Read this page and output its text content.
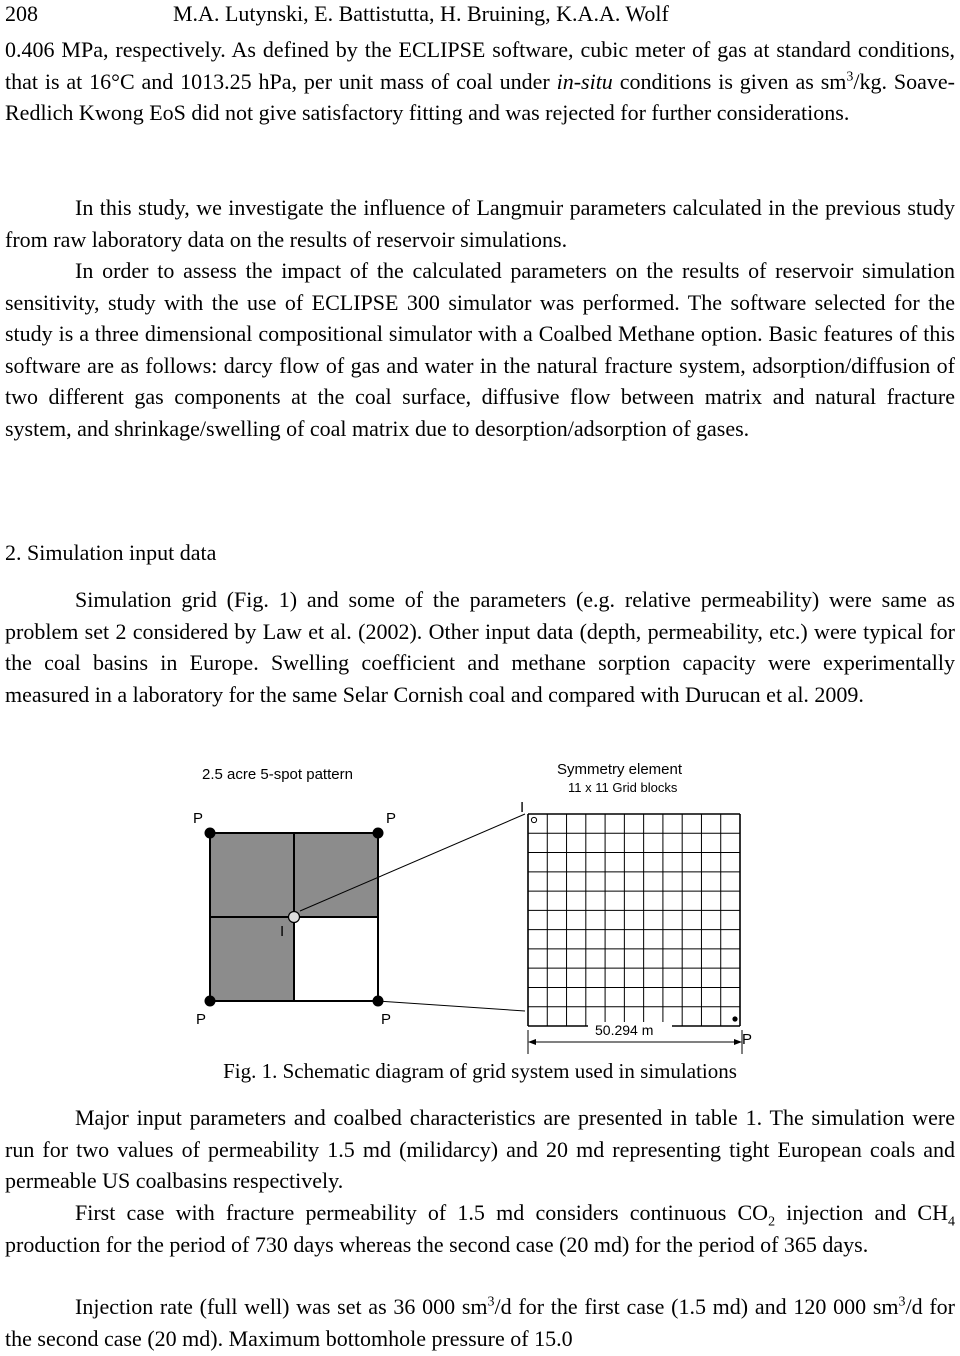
208	M.A. Lutynski, E. Battistutta, H. Bruining, K.A.A. Wolf
0.406 MPa, respectively. As defined by the ECLIPSE software, cubic meter of gas at standard conditions, that is at 16°C and 1013.25 hPa, per unit mass of coal under in-situ conditions is given as $sm^3/kg$. Soave-Redlich Kwong EoS did not give satisfactory fitting and was rejected for further considerations.
In this study, we investigate the influence of Langmuir parameters calculated in the previous study from raw laboratory data on the results of reservoir simulations.
In order to assess the impact of the calculated parameters on the results of reservoir simulation sensitivity, study with the use of ECLIPSE 300 simulator was performed. The software selected for the study is a three dimensional compositional simulator with a Coalbed Methane option. Basic features of this software are as follows: darcy flow of gas and water in the natural fracture system, adsorption/diffusion of two different gas components at the coal surface, diffusive flow between matrix and natural fracture system, and shrinkage/swelling of coal matrix due to desorption/adsorption of gases.
2. Simulation input data
Simulation grid (Fig. 1) and some of the parameters (e.g. relative permeability) were same as problem set 2 considered by Law et al. (2002). Other input data (depth, permeability, etc.) were typical for the coal basins in Europe. Swelling coefficient and methane sorption capacity were experimentally measured in a laboratory for the same Selar Cornish coal and compared with Durucan et al. 2009.
2.5 acre 5-spot pattern
P	P
I
P	P
Symmetry element
11 x 11 Grid blocks
I
P
50.294 m
Fig. 1. Schematic diagram of grid system used in simulations
Major input parameters and coalbed characteristics are presented in table 1. The simulation were run for two values of permeability 1.5 md (milidarcy) and 20 md representing tight European coals and permeable US coalbasins respectively.
First case with fracture permeability of 1.5 md considers continuous $CO_2$ injection and $CH_4$ production for the period of 730 days whereas the second case (20 md) for the period of 365 days.
Injection rate (full well) was set as 36 000 $sm^3/d$ for the first case (1.5 md) and 120 000 $sm^3/d$ for the second case (20 md). Maximum bottomhole pressure of 15.0
